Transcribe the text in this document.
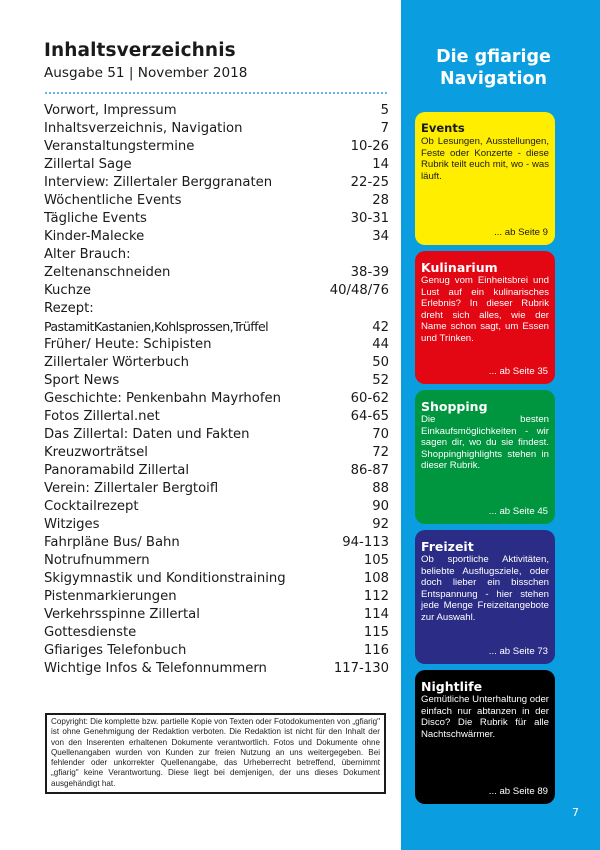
Inhaltsverzeichnis
Ausgabe 51 | November 2018
Vorwort, Impressum	5
Inhaltsverzeichnis, Navigation	7
Veranstaltungstermine	10-26
Zillertal Sage	14
Interview: Zillertaler Berggranaten	22-25
Wöchentliche Events	28
Tägliche Events	30-31
Kinder-Malecke	34
Alter Brauch:
Zeltenanschneiden	38-39
Kuchze	40/48/76
Rezept:
PastamitKastanien,Kohlsprossen,Trüffel	42
Früher/ Heute: Schipisten	44
Zillertaler Wörterbuch	50
Sport News	52
Geschichte: Penkenbahn Mayrhofen	60-62
Fotos Zillertal.net	64-65
Das Zillertal: Daten und Fakten	70
Kreuzworträtsel	72
Panoramabild Zillertal	86-87
Verein: Zillertaler Bergtoifl	88
Cocktailrezept	90
Witziges	92
Fahrpläne Bus/ Bahn	94-113
Notrufnummern	105
Skigymnastik und Konditionstraining	108
Pistenmarkierungen	112
Verkehrsspinne Zillertal	114
Gottesdienste	115
Gfiariges Telefonbuch	116
Wichtige Infos & Telefonnummern	117-130
Copyright: Die komplette bzw. partielle Kopie von Texten oder Fotodokumenten von „gfiarig" ist ohne Genehmigung der Redaktion verboten. Die Redaktion ist nicht für den Inhalt der von den Inserenten erhaltenen Dokumente verantwortlich. Fotos und Dokumente ohne Quellenangaben wurden von Kunden zur freien Nutzung an uns weitergegeben. Bei fehlender oder unkorrekter Quellenangabe, das Urheberrecht betreffend, übernimmt „gfiarig" keine Verantwortung. Diese liegt bei demjenigen, der uns dieses Dokument ausgehändigt hat.
Die gfiarige
Navigation
Events
Ob Lesungen, Ausstellungen, Feste oder Konzerte - diese Rubrik teilt euch mit, wo - was läuft.
... ab Seite 9
Kulinarium
Genug vom Einheitsbrei und Lust auf ein kulinarisches Erlebnis? In dieser Rubrik dreht sich alles, wie der Name schon sagt, um Essen und Trinken.
... ab Seite 35
Shopping
Die besten Einkaufsmöglichkeiten - wir sagen dir, wo du sie findest. Shoppinghighlights stehen in dieser Rubrik.
... ab Seite 45
Freizeit
Ob sportliche Aktivitäten, beliebte Ausflugsziele, oder doch lieber ein bisschen Entspannung - hier stehen jede Menge Freizeitangebote zur Auswahl.
... ab Seite 73
Nightlife
Gemütliche Unterhaltung oder einfach nur abtanzen in der Disco? Die Rubrik für alle Nachtschwärmer.
... ab Seite 89
7
